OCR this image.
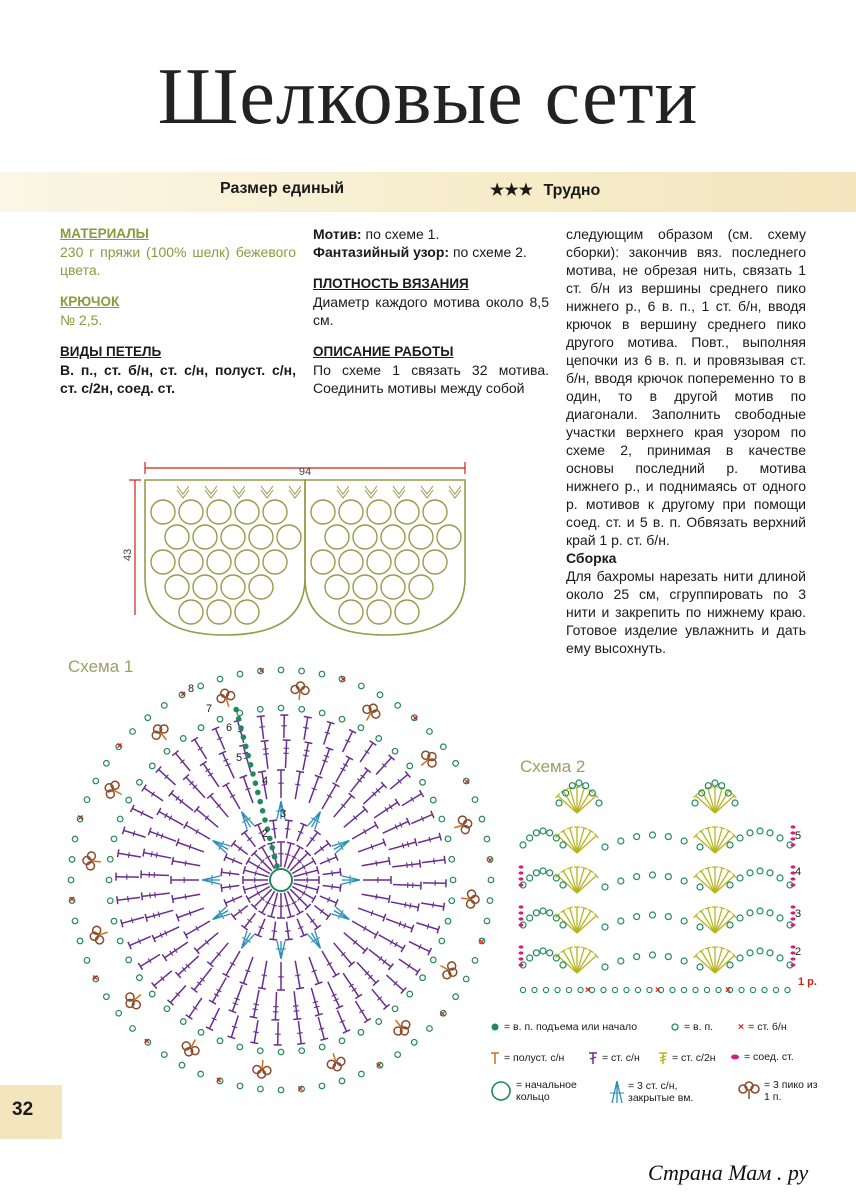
Шелковые сети
Размер единый	★★★ Трудно
МАТЕРИАЛЫ
230 г пряжи (100% шелк) бежевого цвета.
КРЮЧОК
№ 2,5.
ВИДЫ ПЕТЕЛЬ
В. п., ст. б/н, ст. с/н, полуст. с/н, ст. с/2н, соед. ст.
Мотив: по схеме 1.
Фантазийный узор: по схеме 2.
ПЛОТНОСТЬ ВЯЗАНИЯ
Диаметр каждого мотива около 8,5 см.
ОПИСАНИЕ РАБОТЫ
По схеме 1 связать 32 мотива. Соединить мотивы между собой
следующим образом (см. схему сборки): закончив вяз. последнего мотива, не обрезая нить, связать 1 ст. б/н из вершины среднего пико нижнего р., 6 в. п., 1 ст. б/н, вводя крючок в вершину среднего пико другого мотива. Повт., выполняя цепочки из 6 в. п. и провязывая ст. б/н, вводя крючок попеременно то в один, то в другой мотив по диагонали. Заполнить свободные участки верхнего края узором по схеме 2, принимая в качестве основы последний р. мотива нижнего р., и поднимаясь от одного р. мотивов к другому при помощи соед. ст. и 5 в. п. Обвязать верхний край 1 р. ст. б/н.
Сборка
Для бахромы нарезать нити длиной около 25 см, сгруппировать по 3 нити и закрепить по нижнему краю. Готовое изделие увлажнить и дать ему высохнуть.
94
43
Схема 1
Схема 2
×
×
×
×
×
×
×
×
×
×
×
×
×
×
×
×
3
2
4
5
6
7
8
×	×	×
5
4
3
2
1 р.
= в. п. подъема или начало	= в. п. × = ст. б/н
= полуст. с/н	= ст. с/н	= ст. с/2н	= соед. ст.
= начальное кольцо
= 3 ст. с/н, закрытые вм.
= 3 пико из 1 п.
32
Страна Мам . ру
